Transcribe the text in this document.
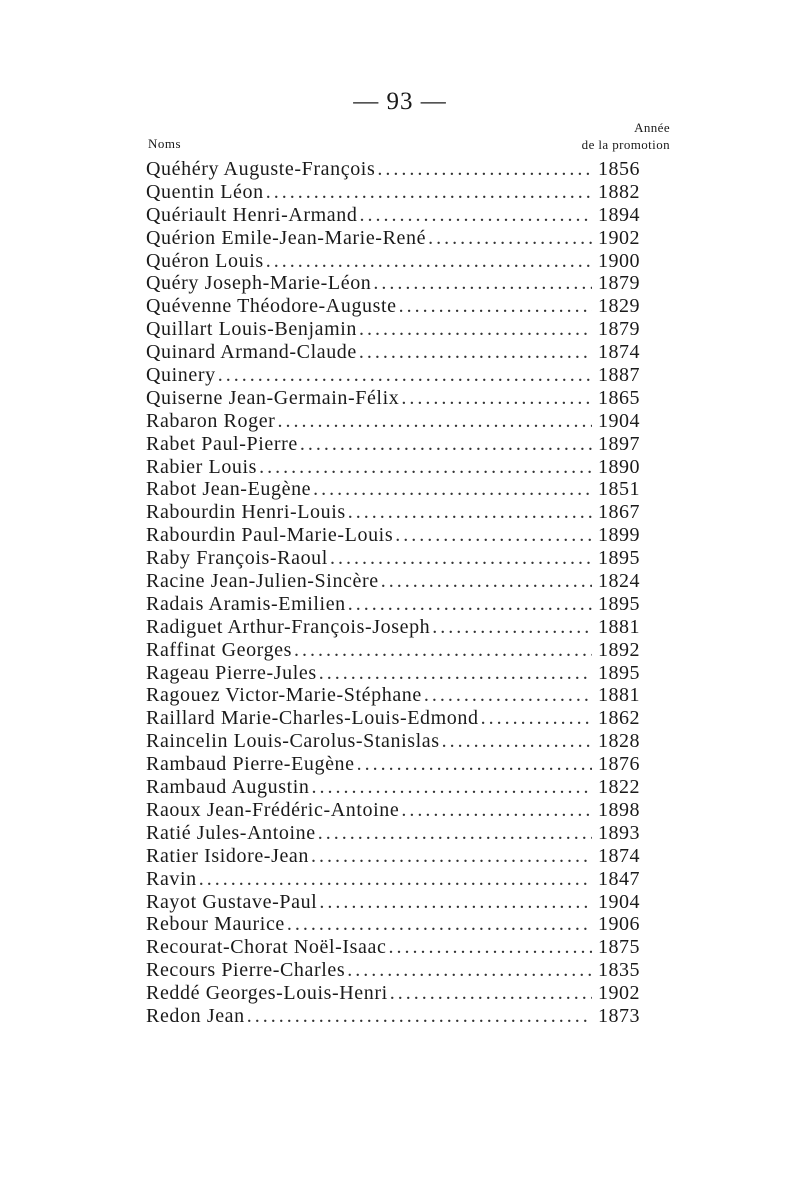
— 93 —
Noms
Année
de la promotion
Quéhéry Auguste-François .....	1856
Quentin Léon .....	1882
Quériault Henri-Armand .....	1894
Quérion Emile-Jean-Marie-René .....	1902
Quéron Louis .....	1900
Quéry Joseph-Marie-Léon .....	1879
Quévenne Théodore-Auguste .....	1829
Quillart Louis-Benjamin .....	1879
Quinard Armand-Claude .....	1874
Quinery .....	1887
Quiserne Jean-Germain-Félix .....	1865
Rabaron Roger .....	1904
Rabet Paul-Pierre .....	1897
Rabier Louis .....	1890
Rabot Jean-Eugène .....	1851
Rabourdin Henri-Louis .....	1867
Rabourdin Paul-Marie-Louis .....	1899
Raby François-Raoul .....	1895
Racine Jean-Julien-Sincère .....	1824
Radais Aramis-Emilien .....	1895
Radiguet Arthur-François-Joseph .....	1881
Raffinat Georges .....	1892
Rageau Pierre-Jules .....	1895
Ragouez Victor-Marie-Stéphane .....	1881
Raillard Marie-Charles-Louis-Edmond .....	1862
Raincelin Louis-Carolus-Stanislas .....	1828
Rambaud Pierre-Eugène .....	1876
Rambaud Augustin .....	1822
Raoux Jean-Frédéric-Antoine .....	1898
Ratié Jules-Antoine .....	1893
Ratier Isidore-Jean .....	1874
Ravin .....	1847
Rayot Gustave-Paul .....	1904
Rebour Maurice .....	1906
Recourat-Chorat Noël-Isaac .....	1875
Recours Pierre-Charles .....	1835
Reddé Georges-Louis-Henri .....	1902
Redon Jean .....	1873
